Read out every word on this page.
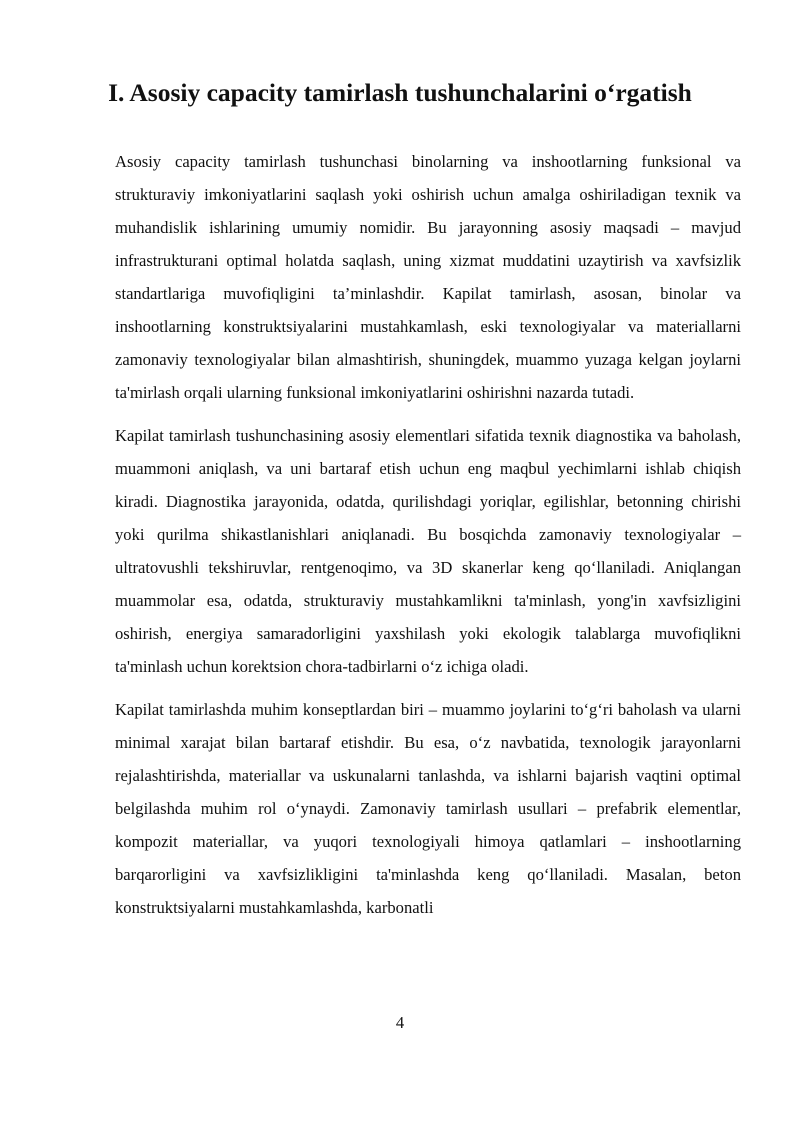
I. Asosiy capacity tamirlash tushunchalarini o‘rgatish

Asosiy capacity tamirlash tushunchasi binolarning va inshootlarning funksional va strukturaviy imkoniyatlarini saqlash yoki oshirish uchun amalga oshiriladigan texnik va muhandislik ishlarining umumiy nomidir. Bu jarayonning asosiy maqsadi – mavjud infrastrukturani optimal holatda saqlash, uning xizmat muddatini uzaytirish va xavfsizlik standartlariga muvofiqligini ta’minlashdir. Kapilat tamirlash, asosan, binolar va inshootlarning konstruktsiyalarini mustahkamlash, eski texnologiyalar va materiallarni zamonaviy texnologiyalar bilan almashtirish, shuningdek, muammo yuzaga kelgan joylarni ta'mirlash orqali ularning funksional imkoniyatlarini oshirishni nazarda tutadi.

Kapilat tamirlash tushunchasining asosiy elementlari sifatida texnik diagnostika va baholash, muammoni aniqlash, va uni bartaraf etish uchun eng maqbul yechimlarni ishlab chiqish kiradi. Diagnostika jarayonida, odatda, qurilishdagi yoriqlar, egilishlar, betonning chirishi yoki qurilma shikastlanishlari aniqlanadi. Bu bosqichda zamonaviy texnologiyalar – ultratovushli tekshiruvlar, rentgenoqimo, va 3D skanerlar keng qo‘llaniladi. Aniqlangan muammolar esa, odatda, strukturaviy mustahkamlikni ta'minlash, yong'in xavfsizligini oshirish, energiya samaradorligini yaxshilash yoki ekologik talablarga muvofiqlikni ta'minlash uchun korektsion chora-tadbirlarni o‘z ichiga oladi.

Kapilat tamirlashda muhim konseptlardan biri – muammo joylarini to‘g‘ri baholash va ularni minimal xarajat bilan bartaraf etishdir. Bu esa, o‘z navbatida, texnologik jarayonlarni rejalashtirishda, materiallar va uskunalarni tanlashda, va ishlarni bajarish vaqtini optimal belgilashda muhim rol o‘ynaydi. Zamonaviy tamirlash usullari – prefabrik elementlar, kompozit materiallar, va yuqori texnologiyali himoya qatlamlari – inshootlarning barqarorligini va xavfsizlikligini ta'minlashda keng qo‘llaniladi. Masalan, beton konstruktsiyalarni mustahkamlashda, karbonatli

4
